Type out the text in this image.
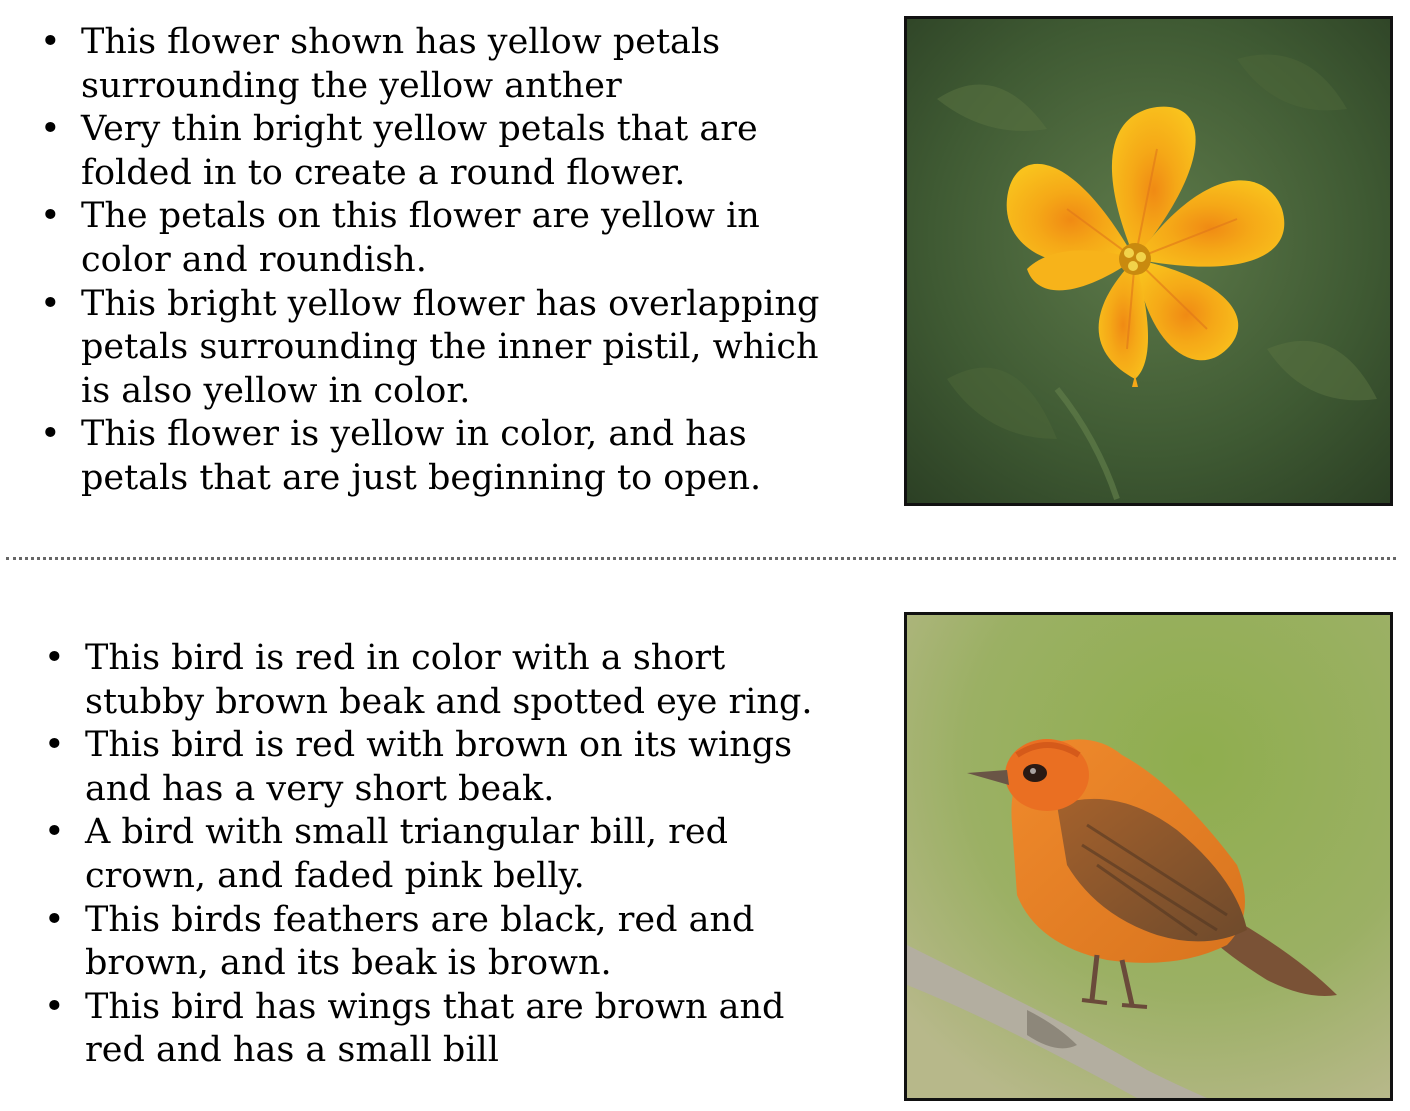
• This flower shown has yellow petals surrounding the yellow anther
• Very thin bright yellow petals that are folded in to create a round flower.
• The petals on this flower are yellow in color and roundish.
• This bright yellow flower has overlapping petals surrounding the inner pistil, which is also yellow in color.
• This flower is yellow in color, and has petals that are just beginning to open.
• This bird is red in color with a short stubby brown beak and spotted eye ring.
• This bird is red with brown on its wings and has a very short beak.
• A bird with small triangular bill, red crown, and faded pink belly.
• This birds feathers are black, red and brown, and its beak is brown.
• This bird has wings that are brown and red and has a small bill
